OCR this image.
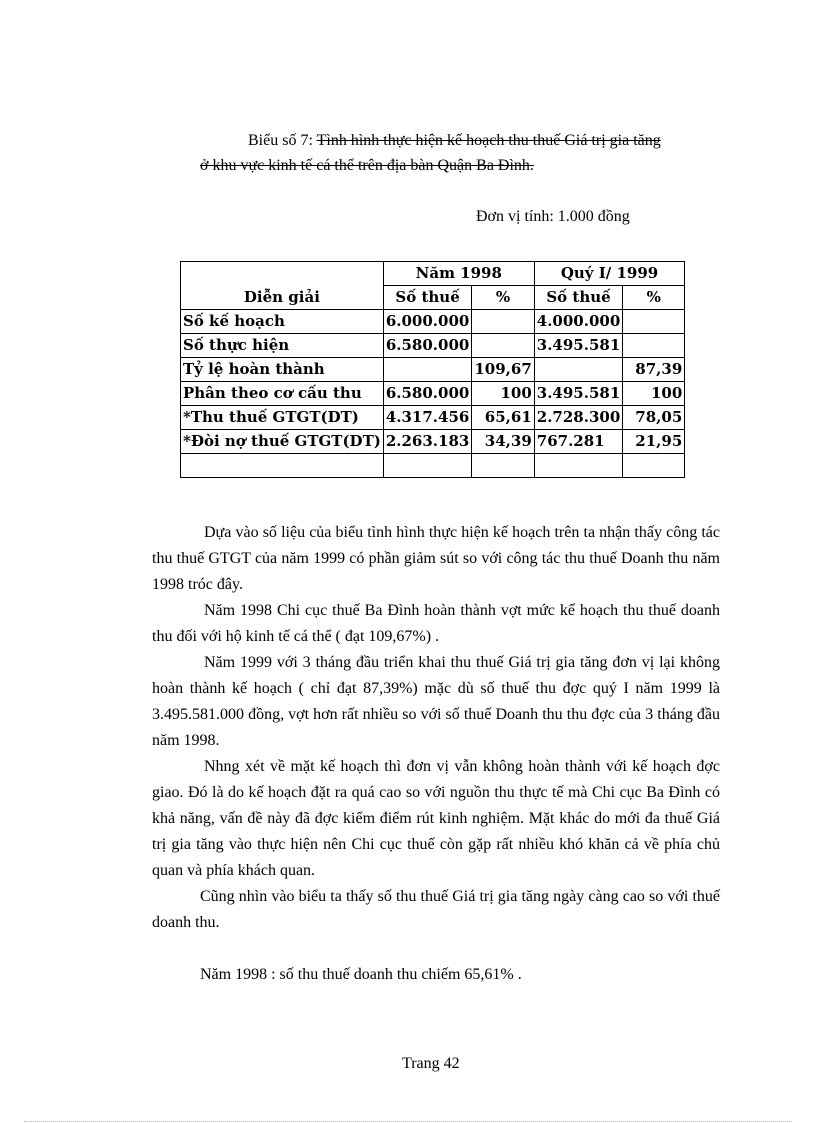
Biểu số 7: Tình hình thực hiện kế hoạch thu thuế Giá trị gia tăng
ở khu vực kinh tế cá thể trên địa bàn Quận Ba Đình.
Đơn vị tính: 1.000 đồng
Diễn giải	Năm 1998		Quý I/ 1999	
	Số thuế	%	Số thuế	%
Số kế hoạch	6.000.000		4.000.000	
Số thực hiện	6.580.000		3.495.581	
Tỷ lệ hoàn thành		109,67		87,39
Phân theo cơ cấu thu	6.580.000	100	3.495.581	100
*Thu thuế GTGT(DT)	4.317.456	65,61	2.728.300	78,05
*Đòi nợ thuế GTGT(DT)	2.263.183	34,39	767.281	21,95

Dựa vào số liệu của biểu tình hình thực hiện kế hoạch trên ta nhận thấy công tác thu thuế GTGT của năm 1999 có phần giảm sút so với công tác thu thuế Doanh thu năm 1998 tróc đây.

Năm 1998 Chi cục thuế Ba Đình hoàn thành vợt mức kế hoạch thu thuế doanh thu đối với hộ kinh tế cá thể ( đạt 109,67%) .

Năm 1999 với 3 tháng đầu triển khai thu thuế Giá trị gia tăng đơn vị lại không hoàn thành kế hoạch ( chỉ đạt 87,39%) mặc dù số thuế thu đợc quý I năm 1999 là 3.495.581.000 đồng, vợt hơn rất nhiều so với số thuế Doanh thu thu đợc của 3 tháng đầu năm 1998.

Nhng xét về mặt kế hoạch thì đơn vị vẫn không hoàn thành với kế hoạch đợc giao. Đó là do kế hoạch đặt ra quá cao so với nguồn thu thực tế mà Chi cục Ba Đình có khả năng, vấn đề này đã đợc kiểm điểm rút kinh nghiệm. Mặt khác do mới đa thuế Giá trị gia tăng vào thực hiện nên Chi cục thuế còn gặp rất nhiều khó khăn cả về phía chủ quan và phía khách quan.

Cũng nhìn vào biểu ta thấy số thu thuế Giá trị gia tăng ngày càng cao so với thuế doanh thu.

Năm 1998 : số thu thuế doanh thu chiếm 65,61% .
Trang 42
